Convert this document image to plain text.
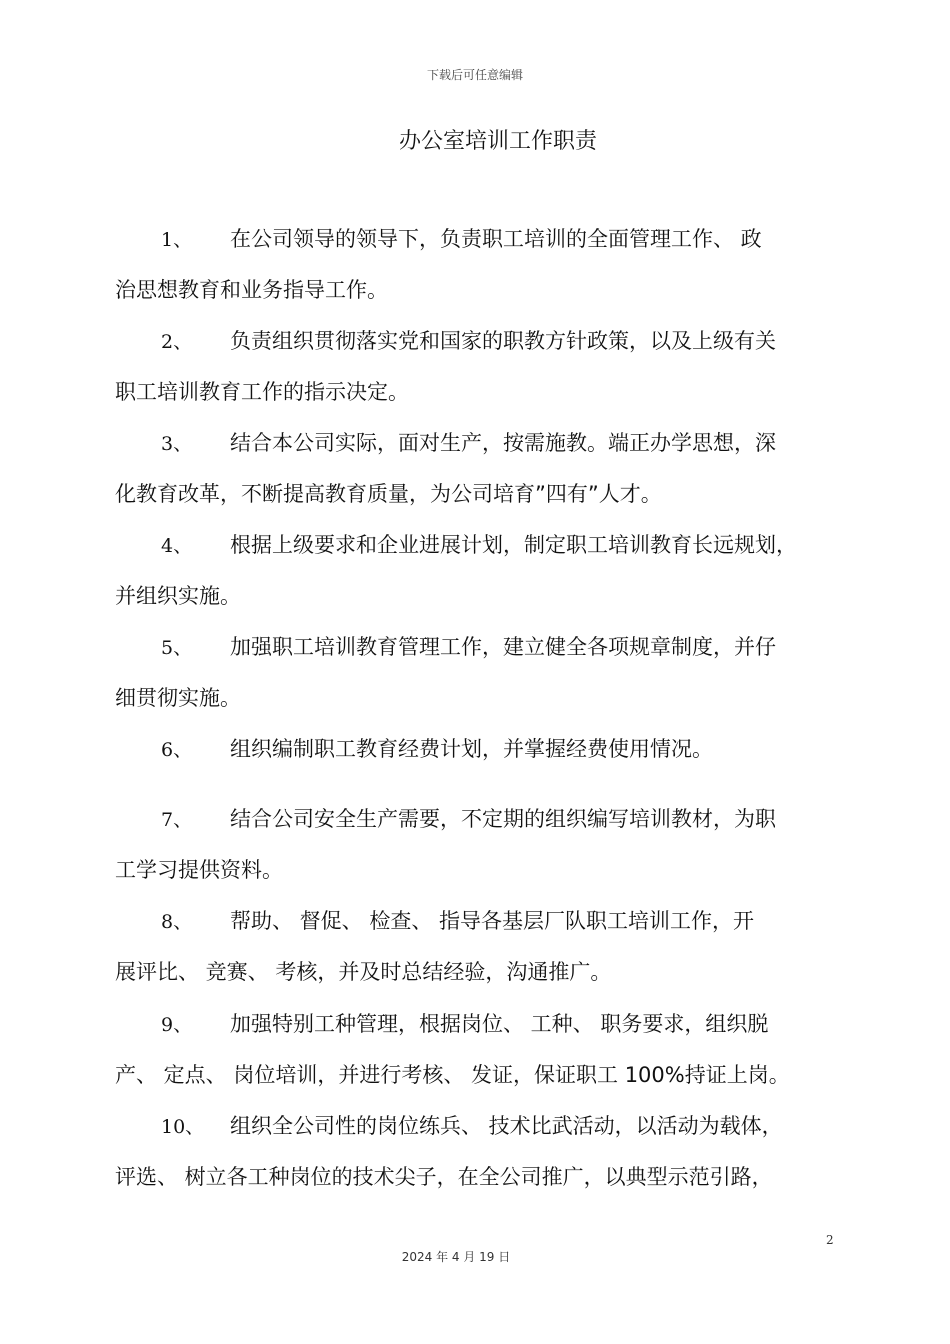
下载后可任意编辑
办公室培训工作职责
1、 在公司领导的领导下，负责职工培训的全面管理工作、 政
治思想教育和业务指导工作。
2、 负责组织贯彻落实党和国家的职教方针政策，以及上级有关
职工培训教育工作的指示决定。
3、 结合本公司实际，面对生产，按需施教。端正办学思想，深
化教育改革，不断提高教育质量，为公司培育”四有”人才。
4、 根据上级要求和企业进展计划，制定职工培训教育长远规划，
并组织实施。
5、 加强职工培训教育管理工作，建立健全各项规章制度，并仔
细贯彻实施。
6、 组织编制职工教育经费计划，并掌握经费使用情况。
7、 结合公司安全生产需要，不定期的组织编写培训教材，为职
工学习提供资料。
8、 帮助、 督促、 检查、 指导各基层厂队职工培训工作，开
展评比、 竞赛、 考核，并及时总结经验，沟通推广。
9、 加强特别工种管理，根据岗位、 工种、 职务要求，组织脱
产、 定点、 岗位培训，并进行考核、 发证，保证职工 100%持证上岗。
10、 组织全公司性的岗位练兵、 技术比武活动，以活动为载体，
评选、 树立各工种岗位的技术尖子，在全公司推广，以典型示范引路，
2
2024 年 4 月 19 日
